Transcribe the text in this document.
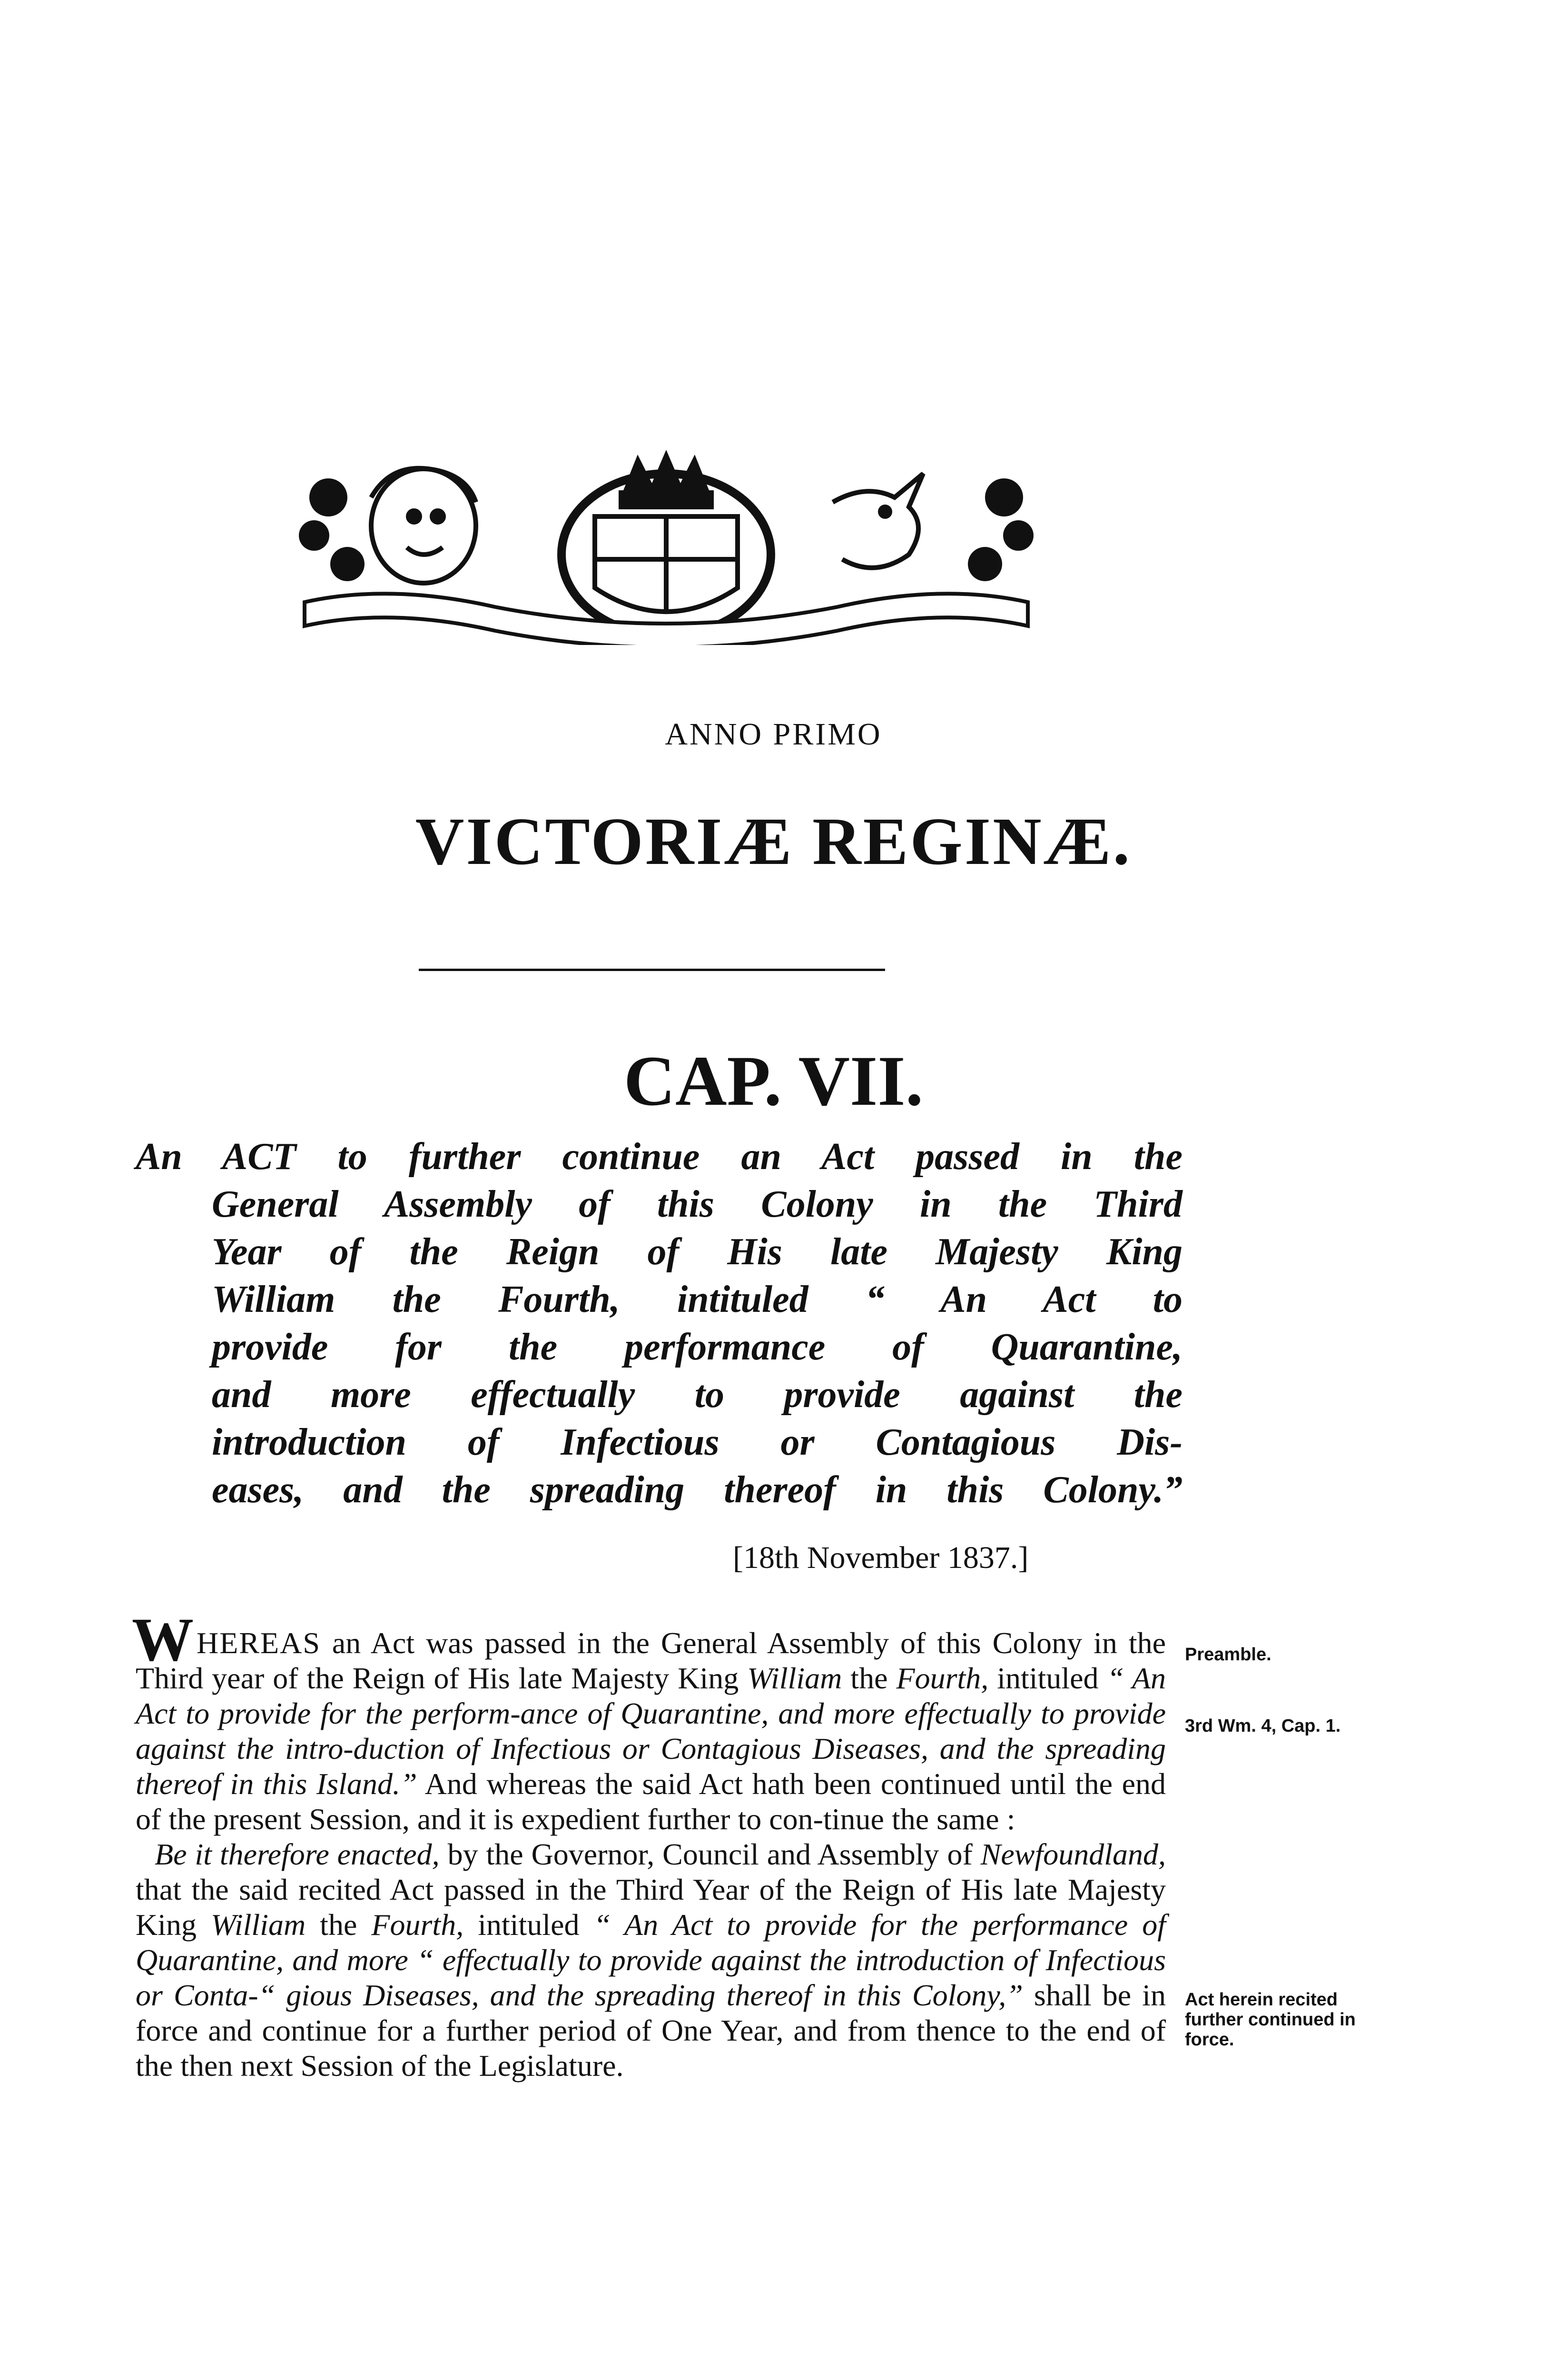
ANNO PRIMO
VICTORIÆ REGINÆ.
CAP. VII.
An ACT to further continue an Act passed in the
General Assembly of this Colony in the Third
Year of the Reign of His late Majesty King
William the Fourth, intituled “ An Act to
provide for the performance of Quarantine,
and more effectually to provide against the
introduction of Infectious or Contagious Dis-
eases, and the spreading thereof in this Colony.”
[18th November 1837.]

WHEREAS an Act was passed in the General Assembly of this Colony in the Third year of the Reign of His late Majesty King William the Fourth, intituled “ An Act to provide for the perform-ance of Quarantine, and more effectually to provide against the intro-duction of Infectious or Contagious Diseases, and the spreading thereof in this Island.” And whereas the said Act hath been continued until the end of the present Session, and it is expedient further to con-tinue the same :

Be it therefore enacted, by the Governor, Council and Assembly of Newfoundland, that the said recited Act passed in the Third Year of the Reign of His late Majesty King William the Fourth, intituled “ An Act to provide for the performance of Quarantine, and more “ effectually to provide against the introduction of Infectious or Conta-“ gious Diseases, and the spreading thereof in this Colony,” shall be in force and continue for a further period of One Year, and from thence to the end of the then next Session of the Legislature.

Preamble.
3rd Wm. 4, Cap. 1.
Act herein recited further continued in force.
